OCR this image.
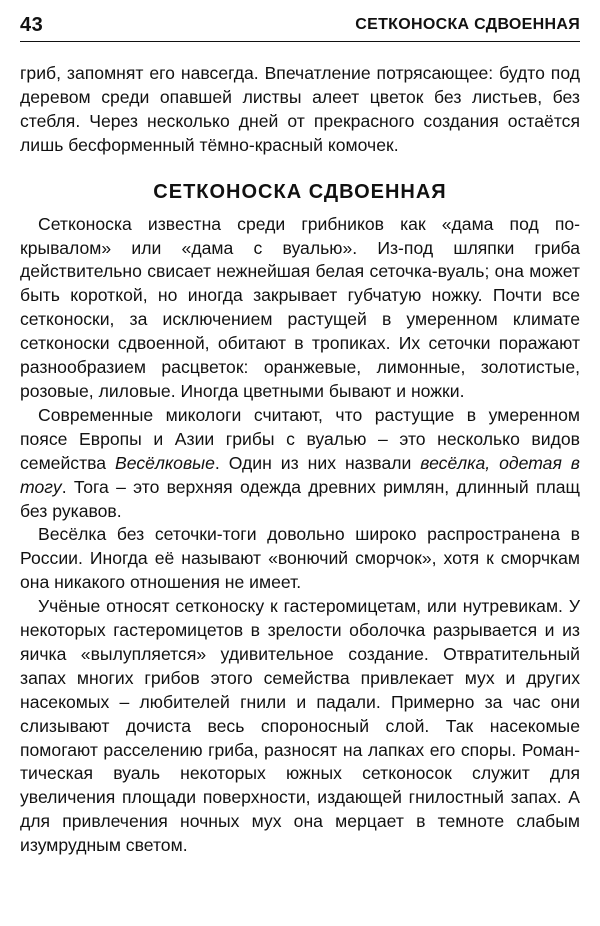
43	СЕТКОНОСКА СДВОЕННАЯ

гриб, запомнят его навсегда. Впечатление потрясающее: будто под деревом среди опавшей листвы алеет цветок без листьев, без стебля. Через несколько дней от прекрасного создания остаётся лишь бесформенный тёмно-красный комочек.

СЕТКОНОСКА СДВОЕННАЯ

Сетконоска известна среди грибников как «дама под покрывалом» или «дама с вуалью». Из-под шляпки гриба действительно свисает нежнейшая белая сеточка-вуаль; она может быть короткой, но иногда закрывает губчатую ножку. Почти все сетконоски, за исключением растущей в умеренном климате сетконоски сдвоенной, обитают в тропиках. Их сеточки поражают разнообразием расцветок: оранжевые, лимонные, золотистые, розовые, лиловые. Иногда цветными бывают и ножки.

Современные микологи считают, что растущие в умеренном поясе Европы и Азии грибы с вуалью – это несколько видов семейства Весёлковые. Один из них назвали весёлка, одетая в тогу. Тога – это верхняя одежда древних римлян, длинный плащ без рукавов.

Весёлка без сеточки-тоги довольно широко распространена в России. Иногда её называют «вонючий сморчок», хотя к сморчкам она никакого отношения не имеет.

Учёные относят сетконоску к гастеромицетам, или нутревикам. У некоторых гастеромицетов в зрелости оболочка разрывается и из яичка «вылупляется» удивительное создание. Отвратительный запах многих грибов этого семейства привлекает мух и других насекомых – любителей гнили и падали. Примерно за час они слизывают дочиста весь спороносный слой. Так насекомые помогают расселению гриба, разносят на лапках его споры. Романтическая вуаль некоторых южных сетконосок служит для увеличения площади поверхности, издающей гнилостный запах. А для привлечения ночных мух она мерцает в темноте слабым изумрудным светом.
